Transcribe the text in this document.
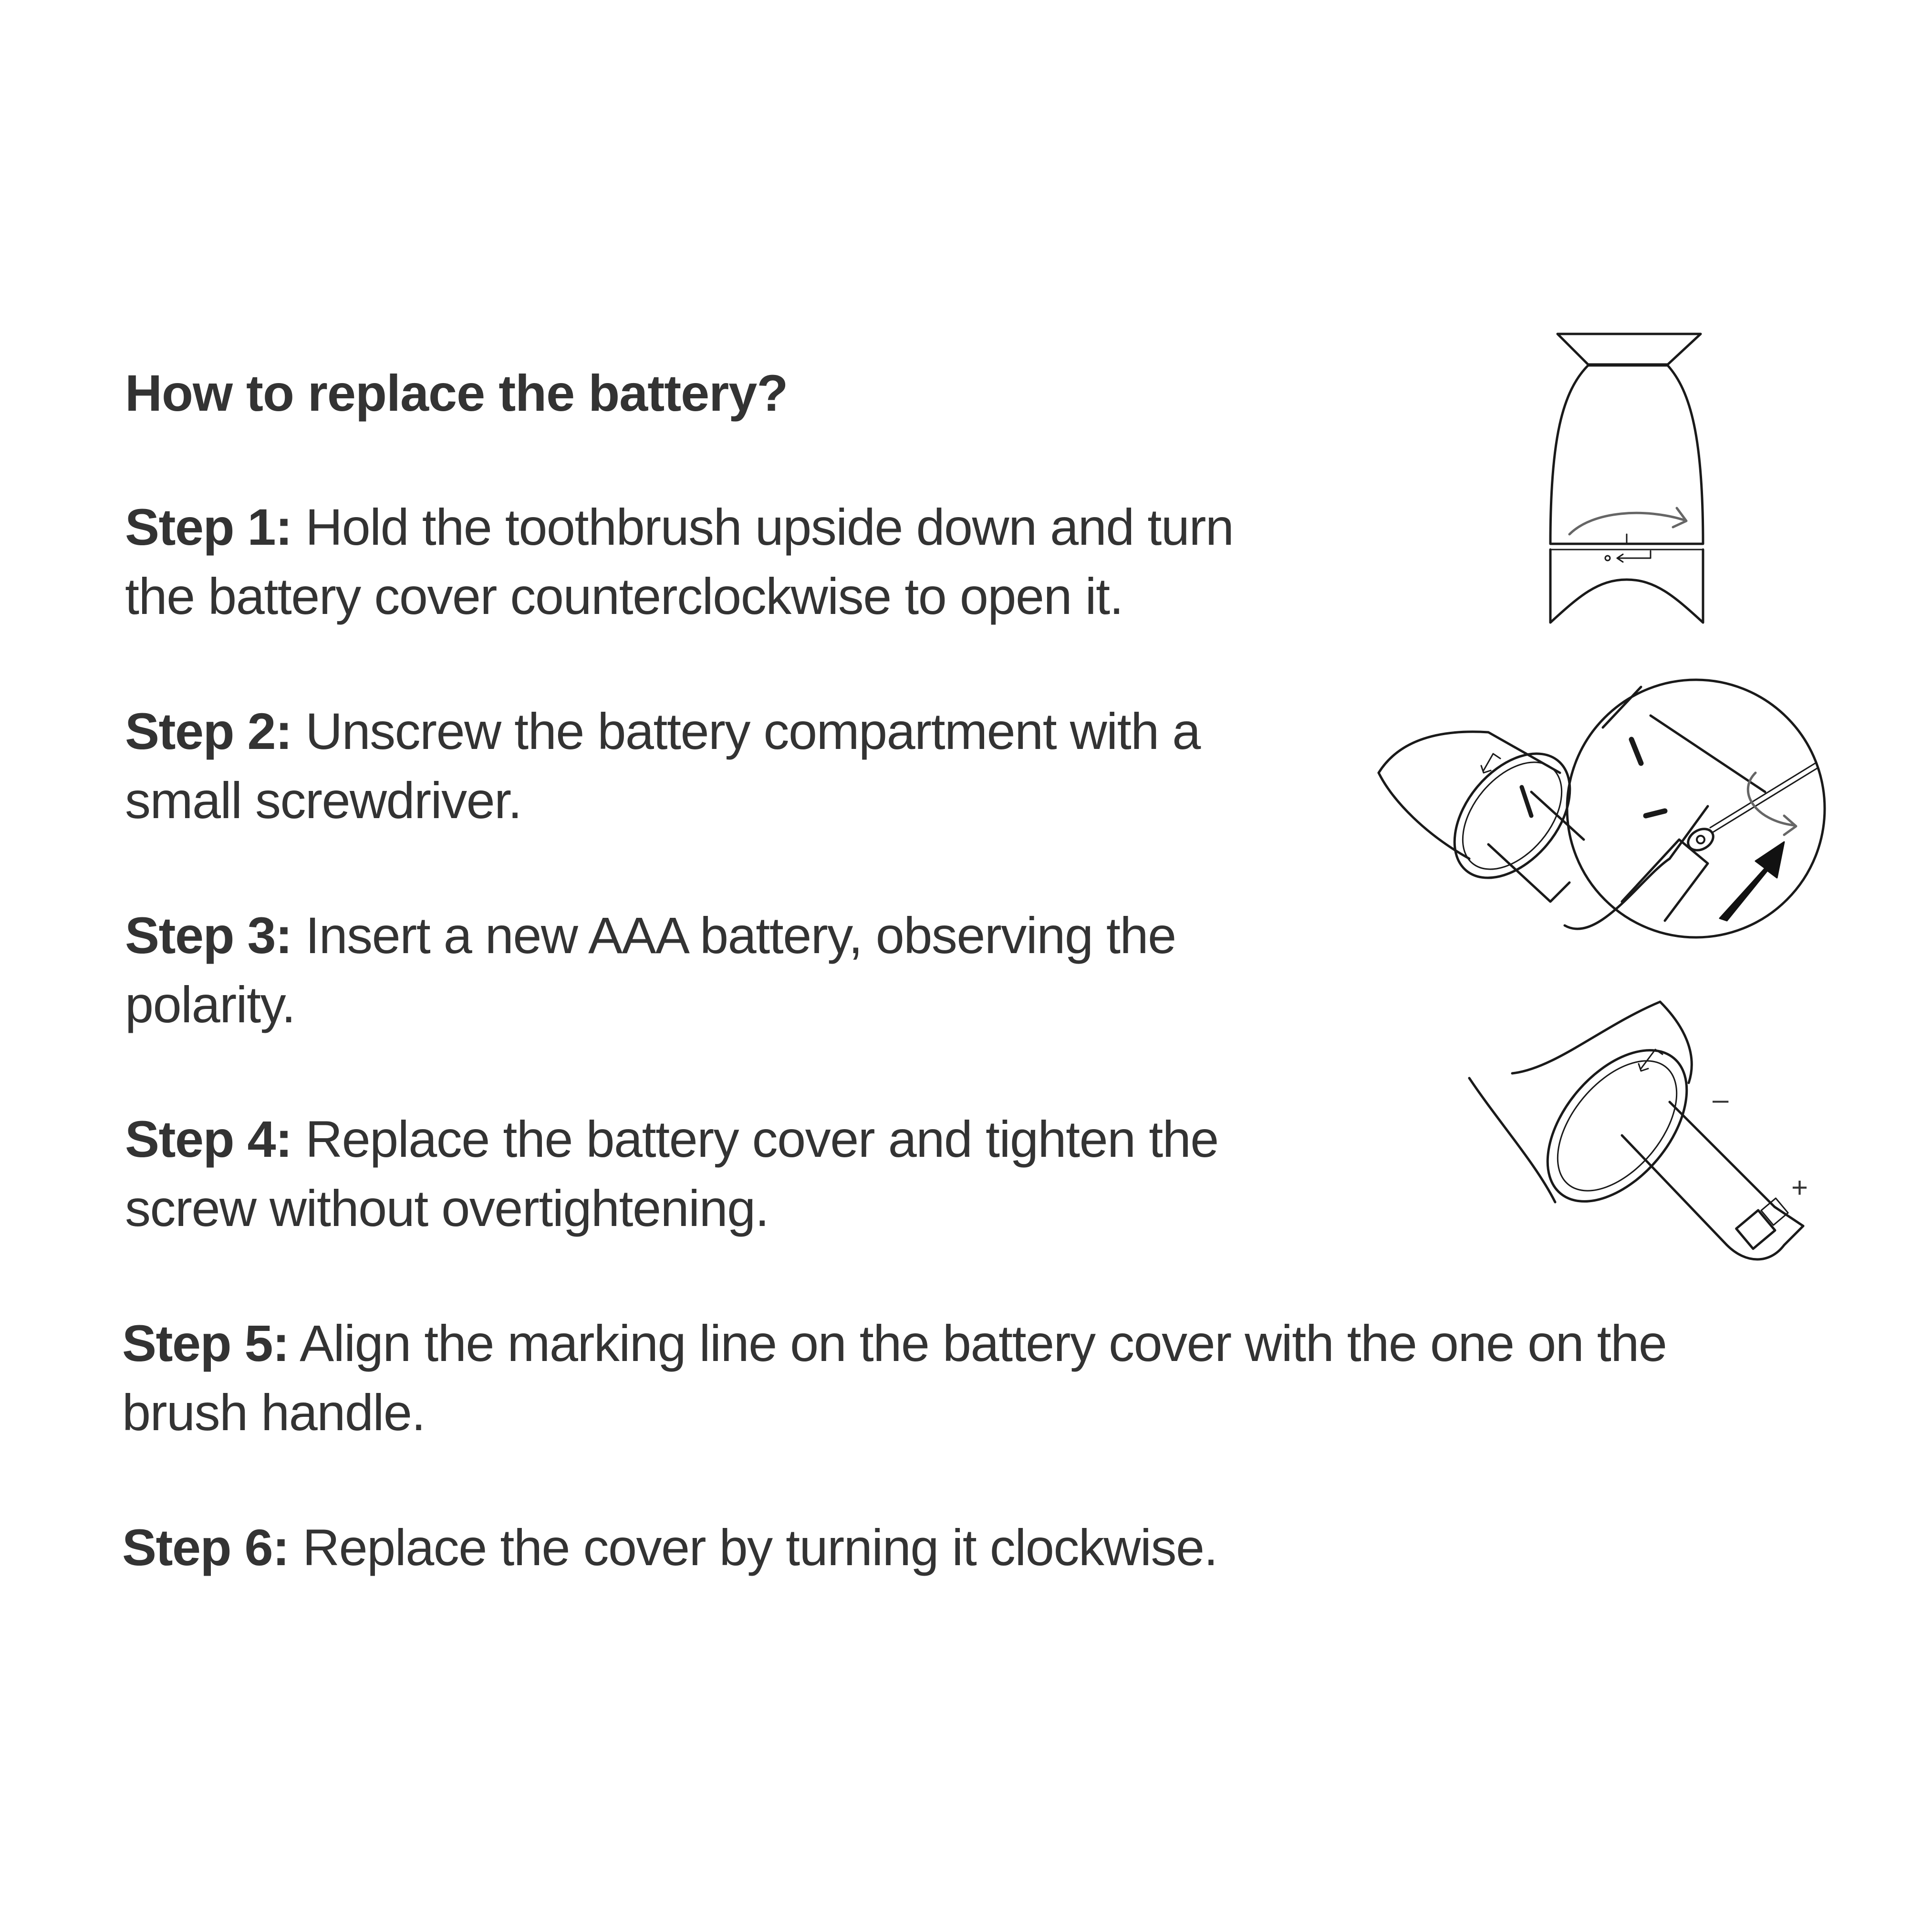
How to replace the battery?

Step 1: Hold the toothbrush upside down and turn
the battery cover counterclockwise to open it.

Step 2: Unscrew the battery compartment with a
small screwdriver.

Step 3: Insert a new AAA battery, observing the
polarity.

Step 4: Replace the battery cover and tighten the
screw without overtightening.

Step 5: Align the marking line on the battery cover with the one on the
brush handle.

Step 6: Replace the cover by turning it clockwise.

–
+
